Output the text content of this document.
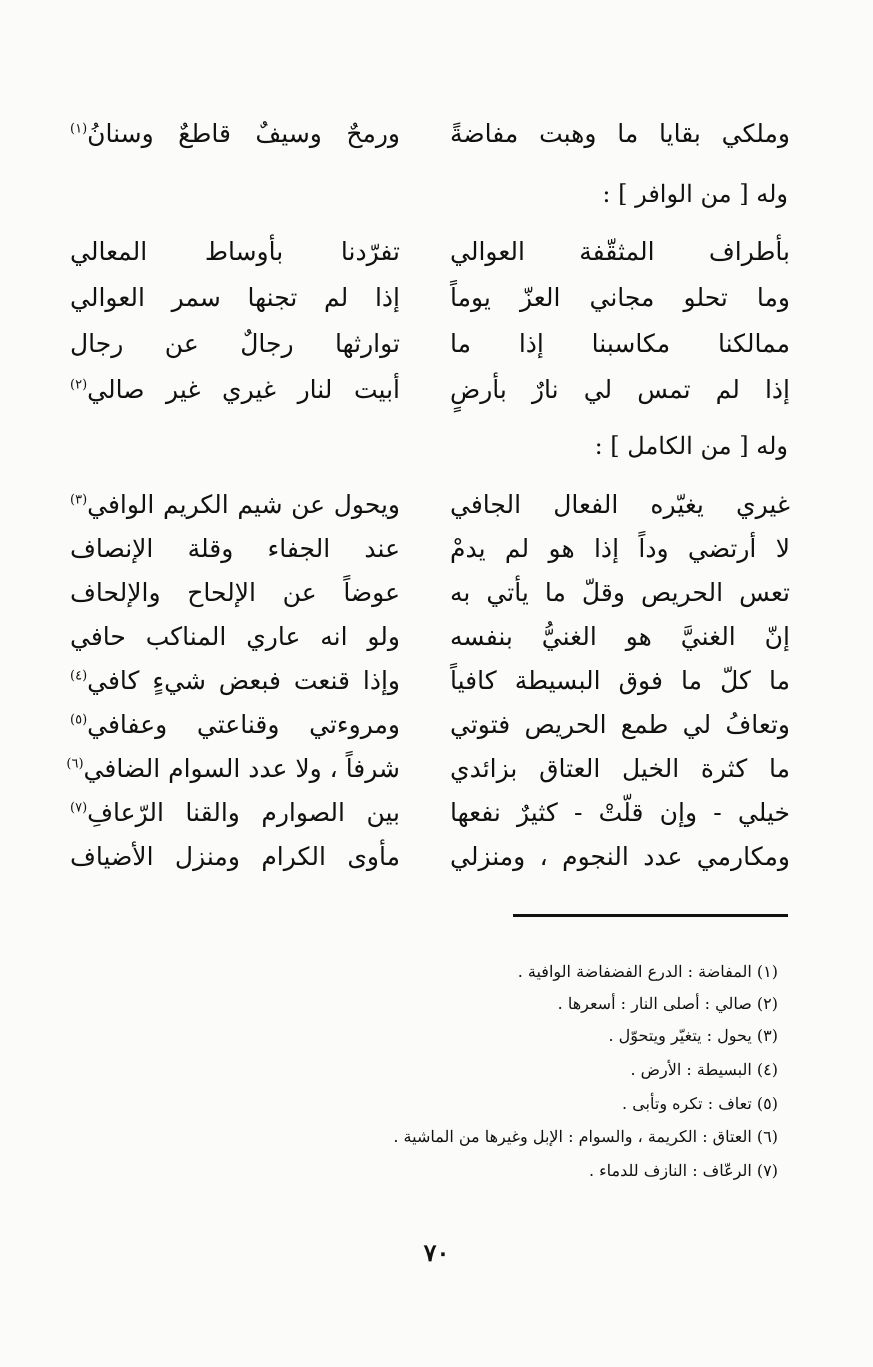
وملكي بقايا ما وهبت مفاضةً
ورمحٌ وسيفٌ قاطعٌ وسنانُ$^{(١)}$
وله [ من الوافر ] :
بأطراف المثقّفة العوالي
تفرّدنا بأوساط المعالي
وما تحلو مجاني العزّ يوماً
إذا لم تجنها سمر العوالي
ممالكنا مكاسبنا إذا ما
توارثها رجالٌ عن رجال
إذا لم تمس لي نارٌ بأرضٍ
أبيت لنار غيري غير صالي$^{(٢)}$
وله [ من الكامل ] :
غيري يغيّره الفعال الجافي
ويحول عن شيم الكريم الوافي$^{(٣)}$
لا أرتضي وداً إذا هو لم يدمْ
عند الجفاء وقلة الإنصاف
تعس الحريص وقلّ ما يأتي به
عوضاً عن الإلحاح والإلحاف
إنّ الغنيَّ هو الغنيُّ بنفسه
ولو انه عاري المناكب حافي
ما كلّ ما فوق البسيطة كافياً
وإذا قنعت فبعض شيءٍ كافي$^{(٤)}$
وتعافُ لي طمع الحريص فتوتي
ومروءتي وقناعتي وعفافي$^{(٥)}$
ما كثرة الخيل العتاق بزائدي
شرفاً ، ولا عدد السوام الضافي$^{(٦)}$
خيلي - وإن قلّتْ - كثيرٌ نفعها
بين الصوارم والقنا الرّعافِ$^{(٧)}$
ومكارمي عدد النجوم ، ومنزلي
مأوى الكرام ومنزل الأضياف
(١) المفاضة : الدرع الفضفاضة الوافية .
(٢) صالي : أصلى النار : أسعرها .
(٣) يحول : يتغيّر ويتحوّل .
(٤) البسيطة : الأرض .
(٥) تعاف : تكره وتأبى .
(٦) العتاق : الكريمة ، والسوام : الإبل وغيرها من الماشية .
(٧) الرعّاف : النازف للدماء .
٧٠
